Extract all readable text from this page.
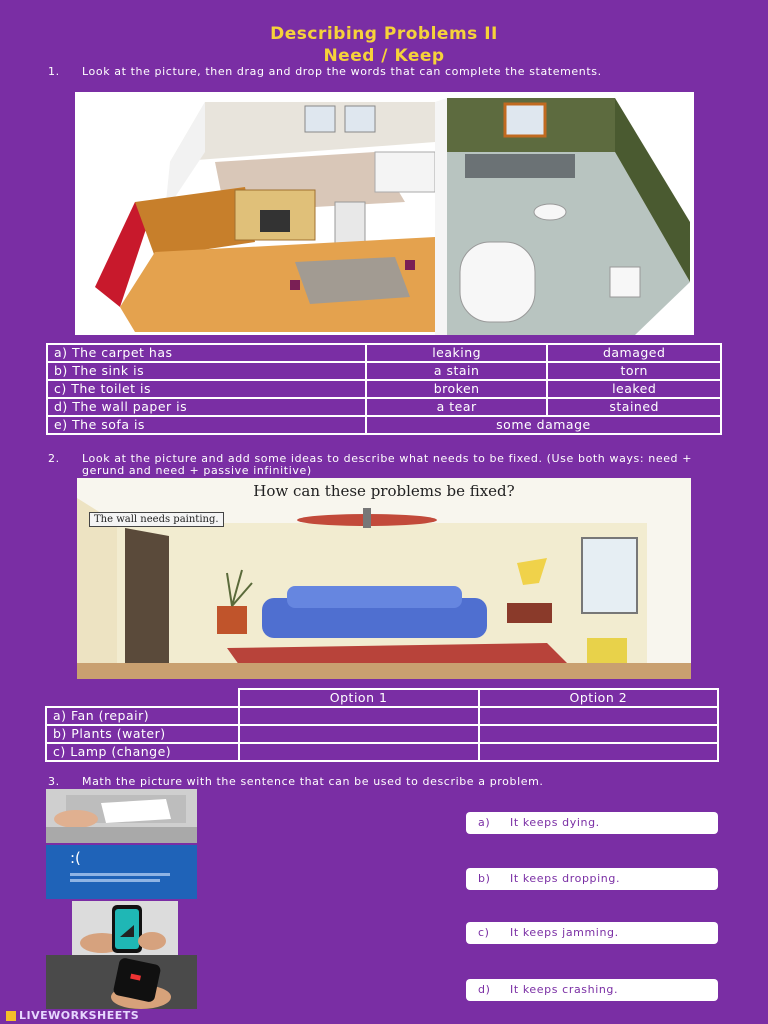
Describing Problems II
Need / Keep
1. Look at the picture, then drag and drop the words that can complete the statements.
a) The carpet has	leaking	damaged
b) The sink is	a stain	torn
c) The toilet is	broken	leaked
d) The wall paper is	a tear	stained
e) The sofa is	some damage	
2. Look at the picture and add some ideas to describe what needs to be fixed. (Use both ways: need + gerund and need + passive infinitive)
How can these problems be fixed?
The wall needs painting.
	Option 1	Option 2
a) Fan (repair)		
b) Plants (water)		
c) Lamp (change)		
3. Math the picture with the sentence that can be used to describe a problem.
:(
a) It keeps dying.
b) It keeps dropping.
c) It keeps jamming.
d) It keeps crashing.
LIVEWORKSHEETS
